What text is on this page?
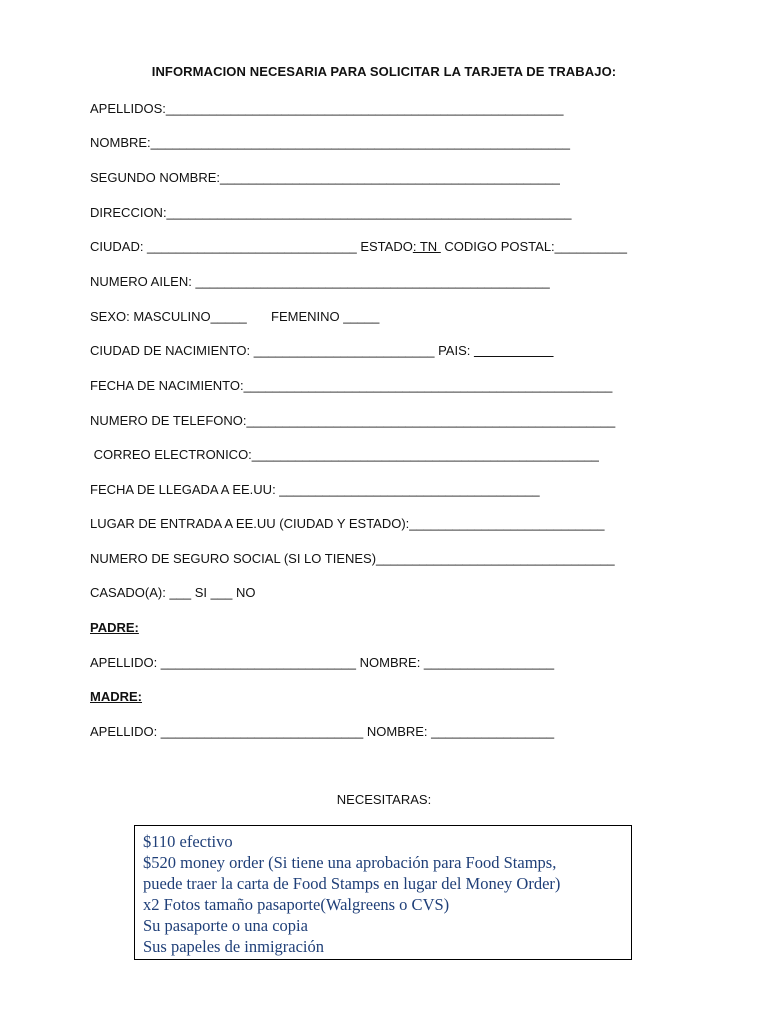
INFORMACION NECESARIA PARA SOLICITAR LA TARJETA DE TRABAJO:
APELLIDOS:_______________________________________________________
NOMBRE:__________________________________________________________
SEGUNDO NOMBRE:_______________________________________________
DIRECCION:________________________________________________________
CIUDAD: _____________________________ ESTADO: TN  CODIGO POSTAL:__________
NUMERO AILEN: _________________________________________________
SEXO: MASCULINO_____ FEMENINO _____
CIUDAD DE NACIMIENTO: _________________________ PAIS: ___________
FECHA DE NACIMIENTO:___________________________________________________
NUMERO DE TELEFONO:___________________________________________________
CORREO ELECTRONICO:________________________________________________
FECHA DE LLEGADA A EE.UU: ____________________________________
LUGAR DE ENTRADA A EE.UU (CIUDAD Y ESTADO):___________________________
NUMERO DE SEGURO SOCIAL (SI LO TIENES)_________________________________
CASADO(A): ___ SI ___ NO
PADRE:
APELLIDO: ___________________________ NOMBRE: __________________
MADRE:
APELLIDO: ____________________________ NOMBRE: _________________
NECESITARAS:
$110 efectivo
$520 money order (Si tiene una aprobación para Food Stamps,
puede traer la carta de Food Stamps en lugar del Money Order)
x2 Fotos tamaño pasaporte(Walgreens o CVS)
Su pasaporte o una copia
Sus papeles de inmigración
